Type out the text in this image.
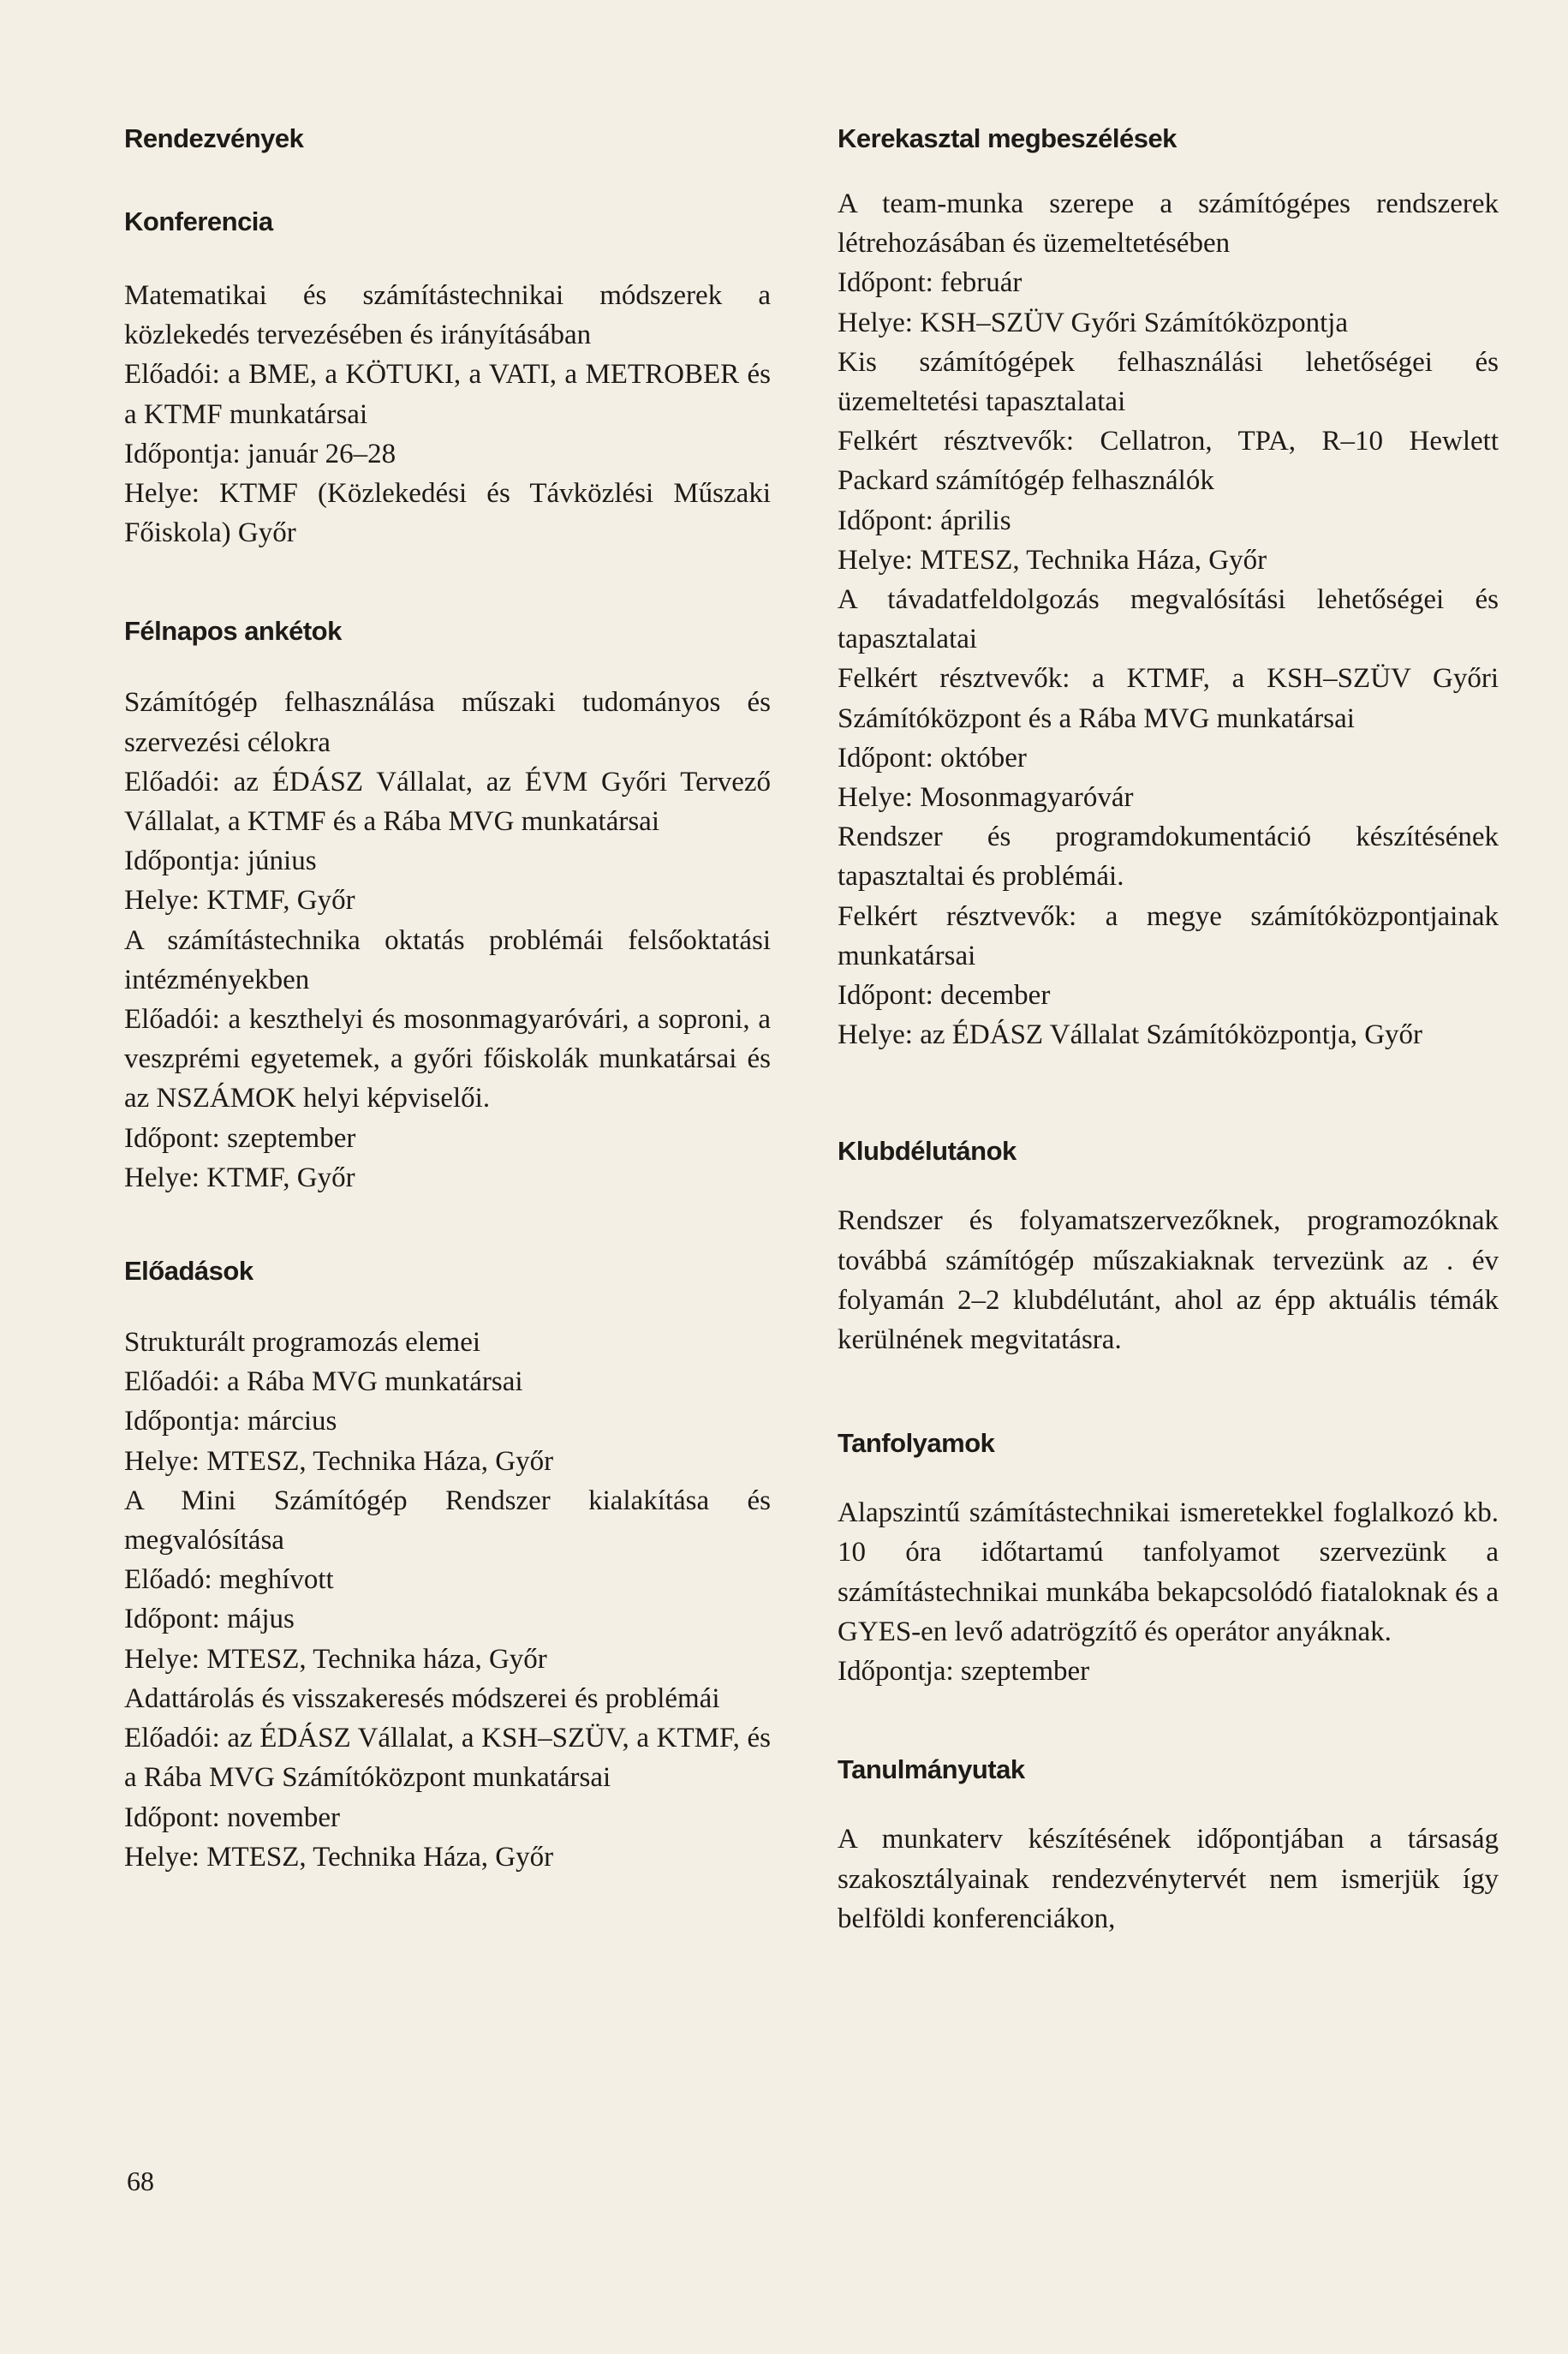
Rendezvények
Konferencia

Matematikai és számítástechnikai módszerek a közlekedés tervezésében és irányításában
Előadói: a BME, a KÖTUKI, a VATI, a METROBER és a KTMF munkatársai
Időpontja: január 26–28
Helye: KTMF (Közlekedési és Távközlési Műszaki Főiskola) Győr

Félnapos ankétok

Számítógép felhasználása műszaki tudományos és szervezési célokra
Előadói: az ÉDÁSZ Vállalat, az ÉVM Győri Tervező Vállalat, a KTMF és a Rába MVG munkatársai
Időpontja: június
Helye: KTMF, Győr
A számítástechnika oktatás problémái felsőoktatási intézményekben
Előadói: a keszthelyi és mosonmagyaróvári, a soproni, a veszprémi egyetemek, a győri főiskolák munkatársai és az NSZÁMOK helyi képviselői.
Időpont: szeptember
Helye: KTMF, Győr

Előadások

Strukturált programozás elemei
Előadói: a Rába MVG munkatársai
Időpontja: március
Helye: MTESZ, Technika Háza, Győr
A Mini Számítógép Rendszer kialakítása és megvalósítása
Előadó: meghívott
Időpont: május
Helye: MTESZ, Technika háza, Győr
Adattárolás és visszakeresés módszerei és problémái
Előadói: az ÉDÁSZ Vállalat, a KSH–SZÜV, a KTMF, és a Rába MVG Számítóközpont munkatársai
Időpont: november
Helye: MTESZ, Technika Háza, Győr

Kerekasztal megbeszélések

A team-munka szerepe a számítógépes rendszerek létrehozásában és üzemeltetésében
Időpont: február
Helye: KSH–SZÜV Győri Számítóközpontja
Kis számítógépek felhasználási lehetőségei és üzemeltetési tapasztalatai
Felkért résztvevők: Cellatron, TPA, R–10 Hewlett Packard számítógép felhasználók
Időpont: április
Helye: MTESZ, Technika Háza, Győr
A távadatfeldolgozás megvalósítási lehetőségei és tapasztalatai
Felkért résztvevők: a KTMF, a KSH–SZÜV Győri Számítóközpont és a Rába MVG munkatársai
Időpont: október
Helye: Mosonmagyaróvár
Rendszer és programdokumentáció készítésének tapasztaltai és problémái.
Felkért résztvevők: a megye számítóközpontjainak munkatársai
Időpont: december
Helye: az ÉDÁSZ Vállalat Számítóközpontja, Győr

Klubdélutánok

Rendszer és folyamatszervezőknek, programozóknak továbbá számítógép műszakiaknak tervezünk az . év folyamán 2–2 klubdélutánt, ahol az épp aktuális témák kerülnének megvitatásra.

Tanfolyamok

Alapszintű számítástechnikai ismeretekkel foglalkozó kb. 10 óra időtartamú tanfolyamot szervezünk a számítástechnikai munkába bekapcsolódó fiataloknak és a GYES-en levő adatrögzítő és operátor anyáknak.
Időpontja: szeptember

Tanulmányutak

A munkaterv készítésének időpontjában a társaság szakosztályainak rendezvénytervét nem ismerjük így belföldi konferenciákon,

68
